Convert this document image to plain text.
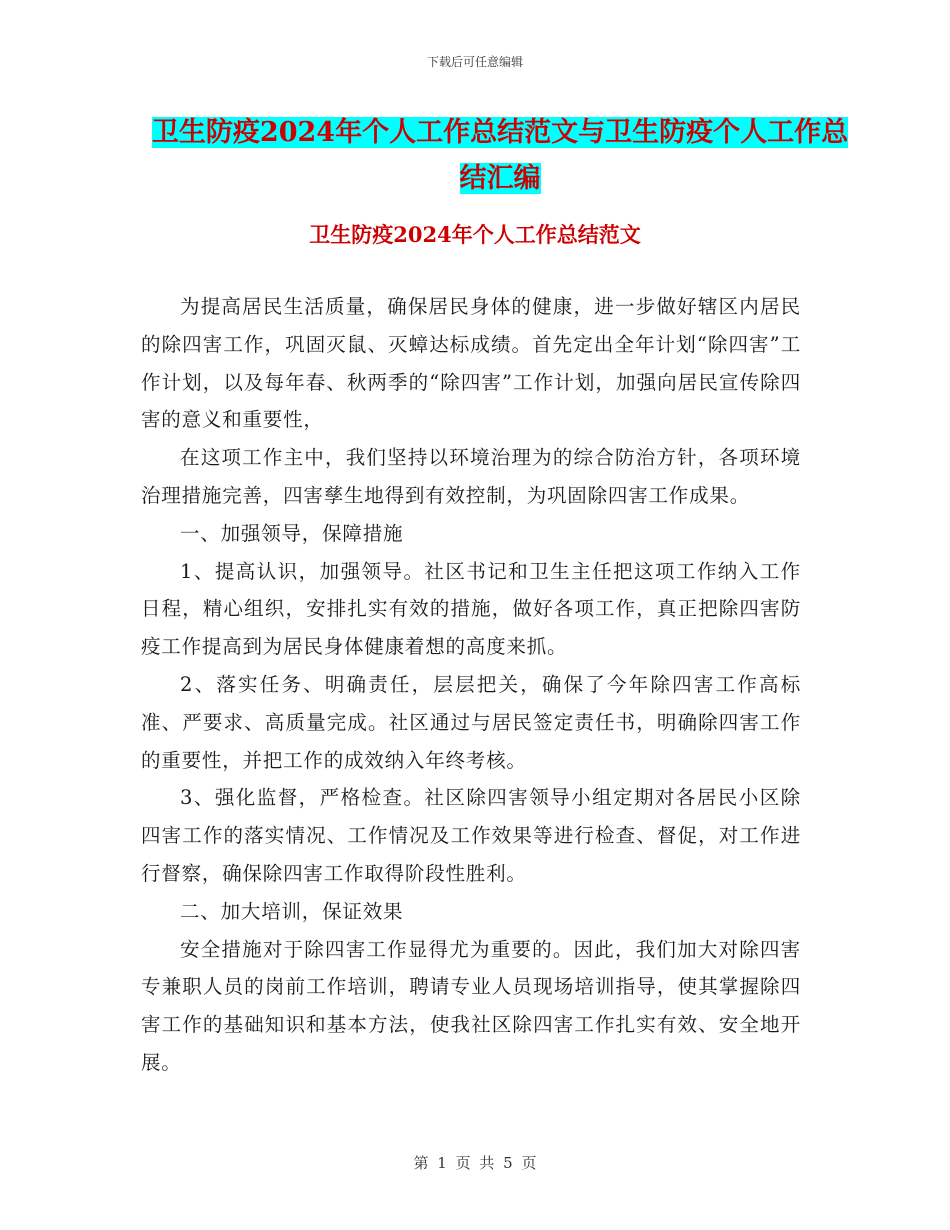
下载后可任意编辑
卫生防疫2024年个人工作总结范文与卫生防疫个人工作总结汇编
卫生防疫2024年个人工作总结范文

为提高居民生活质量，确保居民身体的健康，进一步做好辖区内居民的除四害工作，巩固灭鼠、灭蟑达标成绩。首先定出全年计划“除四害”工作计划，以及每年春、秋两季的“除四害”工作计划，加强向居民宣传除四害的意义和重要性，

在这项工作主中，我们坚持以环境治理为的综合防治方针，各项环境治理措施完善，四害孳生地得到有效控制，为巩固除四害工作成果。

一、加强领导，保障措施

1、提高认识，加强领导。社区书记和卫生主任把这项工作纳入工作日程，精心组织，安排扎实有效的措施，做好各项工作，真正把除四害防疫工作提高到为居民身体健康着想的高度来抓。

2、落实任务、明确责任，层层把关，确保了今年除四害工作高标准、严要求、高质量完成。社区通过与居民签定责任书，明确除四害工作的重要性，并把工作的成效纳入年终考核。

3、强化监督，严格检查。社区除四害领导小组定期对各居民小区除四害工作的落实情况、工作情况及工作效果等进行检查、督促，对工作进行督察，确保除四害工作取得阶段性胜利。

二、加大培训，保证效果

安全措施对于除四害工作显得尤为重要的。因此，我们加大对除四害专兼职人员的岗前工作培训，聘请专业人员现场培训指导，使其掌握除四害工作的基础知识和基本方法，使我社区除四害工作扎实有效、安全地开展。

第 1 页 共 5 页
